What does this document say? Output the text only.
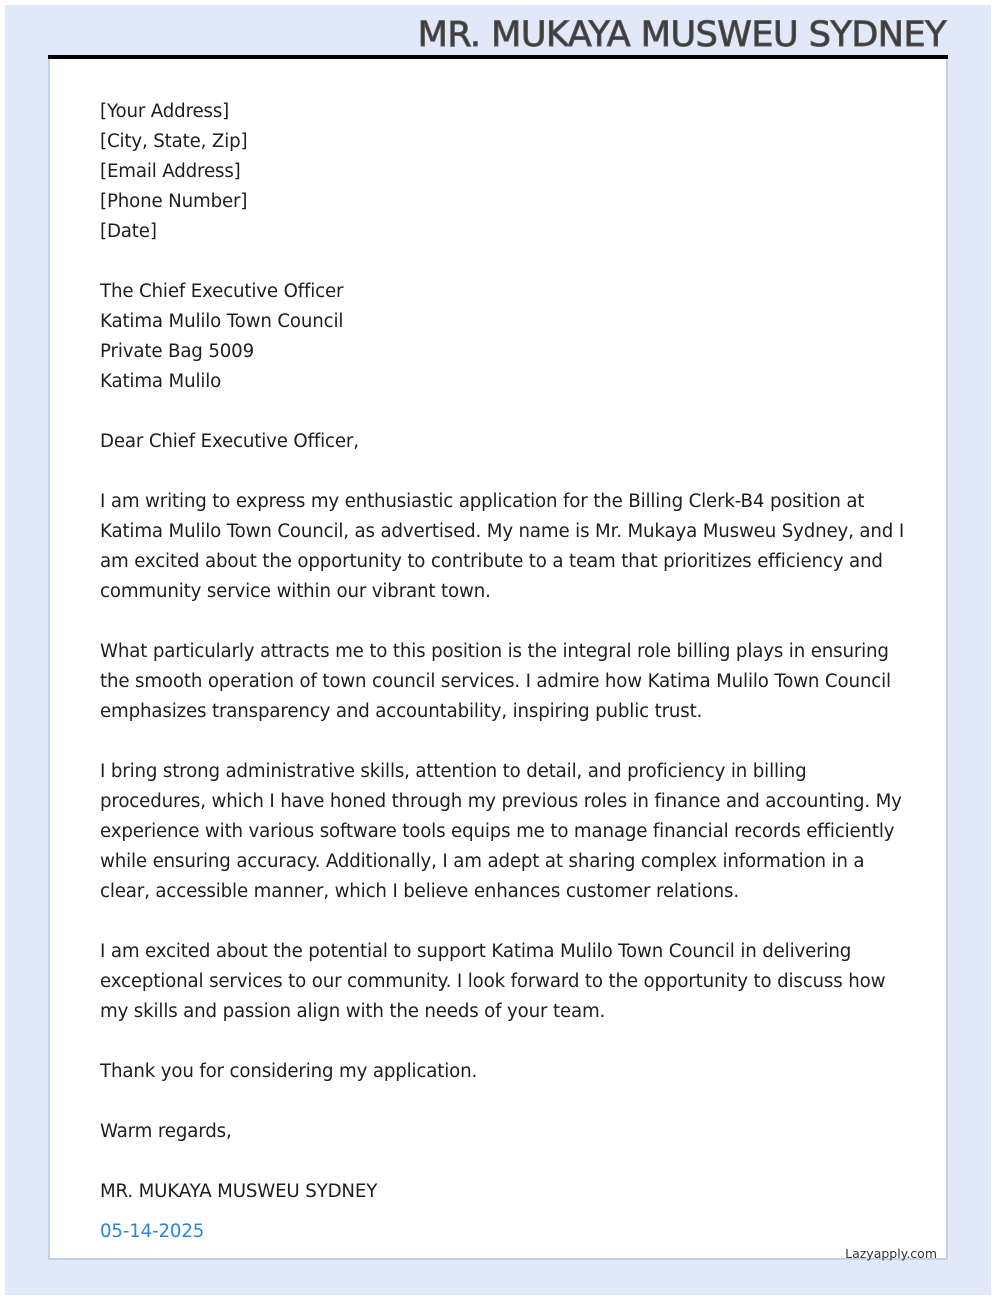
MR. MUKAYA MUSWEU SYDNEY
[Your Address]
[City, State, Zip]
[Email Address]
[Phone Number]
[Date]
The Chief Executive Officer
Katima Mulilo Town Council
Private Bag 5009
Katima Mulilo
Dear Chief Executive Officer,
I am writing to express my enthusiastic application for the Billing Clerk-B4 position at
Katima Mulilo Town Council, as advertised. My name is Mr. Mukaya Musweu Sydney, and I
am excited about the opportunity to contribute to a team that prioritizes efficiency and
community service within our vibrant town.
What particularly attracts me to this position is the integral role billing plays in ensuring
the smooth operation of town council services. I admire how Katima Mulilo Town Council
emphasizes transparency and accountability, inspiring public trust.
I bring strong administrative skills, attention to detail, and proficiency in billing
procedures, which I have honed through my previous roles in finance and accounting. My
experience with various software tools equips me to manage financial records efficiently
while ensuring accuracy. Additionally, I am adept at sharing complex information in a
clear, accessible manner, which I believe enhances customer relations.
I am excited about the potential to support Katima Mulilo Town Council in delivering
exceptional services to our community. I look forward to the opportunity to discuss how
my skills and passion align with the needs of your team.
Thank you for considering my application.
Warm regards,
MR. MUKAYA MUSWEU SYDNEY
05-14-2025
Lazyapply.com
